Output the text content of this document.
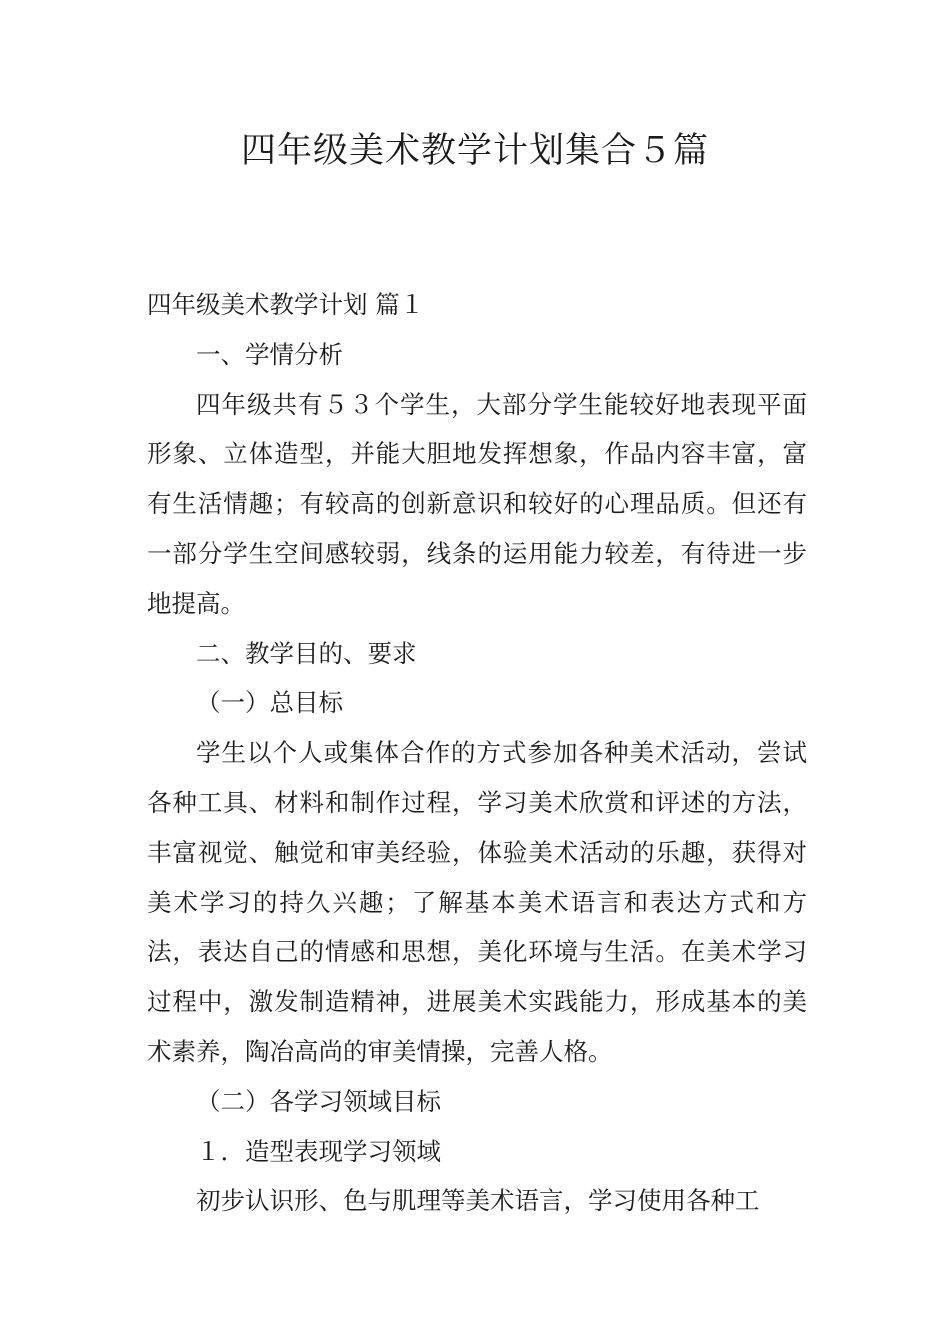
四年级美术教学计划集合５篇

四年级美术教学计划 篇１

一、学情分析

四年级共有５３个学生，大部分学生能较好地表现平面形象、立体造型，并能大胆地发挥想象，作品内容丰富，富有生活情趣；有较高的创新意识和较好的心理品质。但还有一部分学生空间感较弱，线条的运用能力较差，有待进一步地提高。

二、教学目的、要求

（一）总目标

学生以个人或集体合作的方式参加各种美术活动，尝试各种工具、材料和制作过程，学习美术欣赏和评述的方法，丰富视觉、触觉和审美经验，体验美术活动的乐趣，获得对美术学习的持久兴趣；了解基本美术语言和表达方式和方法，表达自己的情感和思想，美化环境与生活。在美术学习过程中，激发制造精神，进展美术实践能力，形成基本的美术素养，陶冶高尚的审美情操，完善人格。

（二）各学习领域目标

１．造型表现学习领域

初步认识形、色与肌理等美术语言，学习使用各种工
